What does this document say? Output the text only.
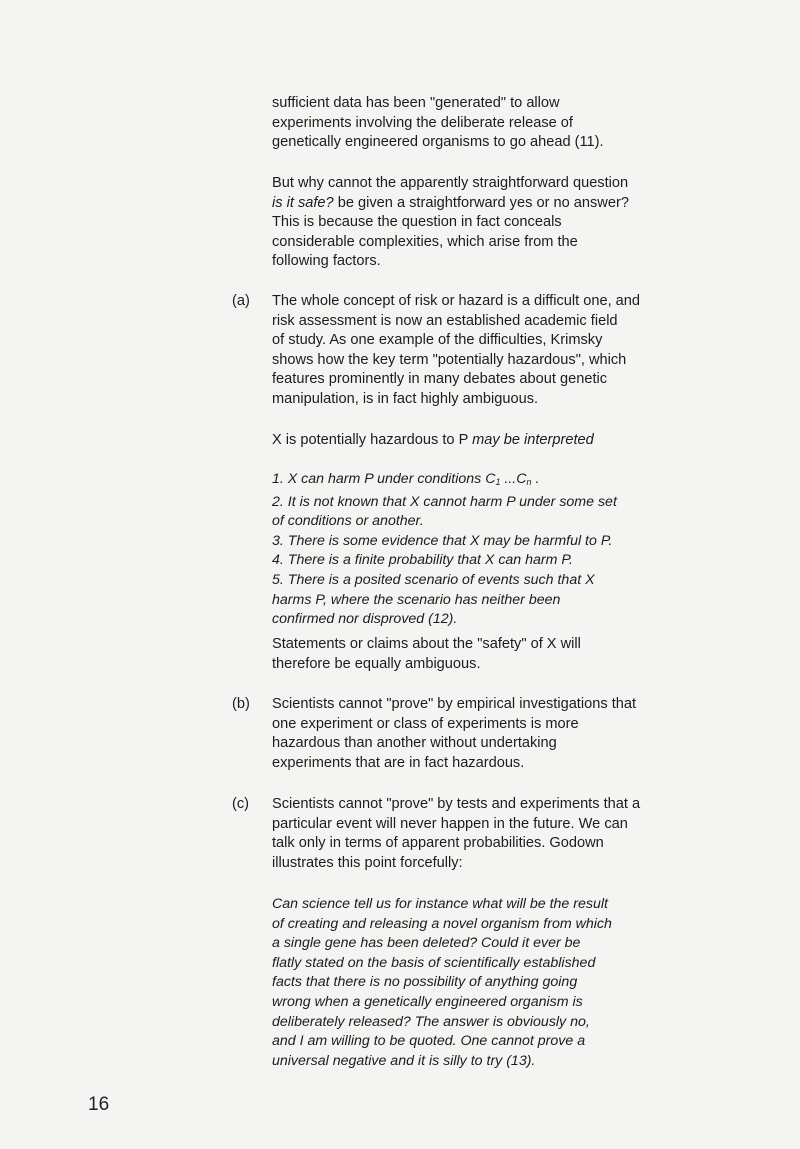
sufficient data has been "generated" to allow
experiments involving the deliberate release of
genetically engineered organisms to go ahead (11).
But why cannot the apparently straightforward question
is it safe? be given a straightforward yes or no answer?
This is because the question in fact conceals
considerable complexities, which arise from the
following factors.
(a) The whole concept of risk or hazard is a difficult one, and
risk assessment is now an established academic field
of study. As one example of the difficulties, Krimsky
shows how the key term "potentially hazardous", which
features prominently in many debates about genetic
manipulation, is in fact highly ambiguous.
X is potentially hazardous to P may be interpreted
1. X can harm P under conditions $C_1$ $...C_n$ .
2. It is not known that X cannot harm P under some set
of conditions or another.
3. There is some evidence that X may be harmful to P.
4. There is a finite probability that X can harm P.
5. There is a posited scenario of events such that X
harms P, where the scenario has neither been
confirmed nor disproved (12).
Statements or claims about the "safety" of X will
therefore be equally ambiguous.
(b) Scientists cannot "prove" by empirical investigations that
one experiment or class of experiments is more
hazardous than another without undertaking
experiments that are in fact hazardous.
(c) Scientists cannot "prove" by tests and experiments that a
particular event will never happen in the future. We can
talk only in terms of apparent probabilities. Godown
illustrates this point forcefully:
Can science tell us for instance what will be the result
of creating and releasing a novel organism from which
a single gene has been deleted? Could it ever be
flatly stated on the basis of scientifically established
facts that there is no possibility of anything going
wrong when a genetically engineered organism is
deliberately released? The answer is obviously no,
and I am willing to be quoted. One cannot prove a
universal negative and it is silly to try (13).
16
